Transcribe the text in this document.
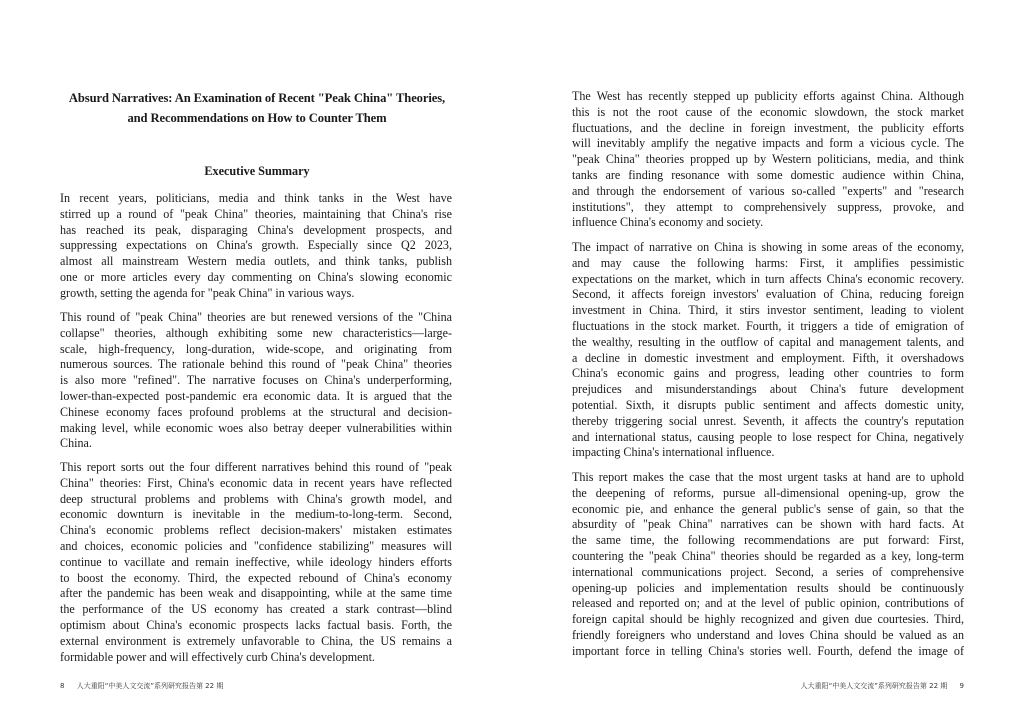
Absurd Narratives: An Examination of Recent "Peak China" Theories,
and Recommendations on How to Counter Them
Executive Summary
In recent years, politicians, media and think tanks in the West have
stirred up a round of "peak China" theories, maintaining that China's rise
has reached its peak, disparaging China's development prospects, and
suppressing expectations on China's growth. Especially since Q2 2023,
almost all mainstream Western media outlets, and think tanks, publish
one or more articles every day commenting on China's slowing economic
growth, setting the agenda for "peak China" in various ways.
This round of "peak China" theories are but renewed versions of the "China
collapse" theories, although exhibiting some new characteristics—large-
scale, high-frequency, long-duration, wide-scope, and originating from
numerous sources. The rationale behind this round of "peak China" theories
is also more "refined". The narrative focuses on China's underperforming,
lower-than-expected post-pandemic era economic data. It is argued that the
Chinese economy faces profound problems at the structural and decision-
making level, while economic woes also betray deeper vulnerabilities within
China.
This report sorts out the four different narratives behind this round of "peak
China" theories: First, China's economic data in recent years have reflected
deep structural problems and problems with China's growth model, and
economic downturn is inevitable in the medium-to-long-term. Second,
China's economic problems reflect decision-makers' mistaken estimates
and choices, economic policies and "confidence stabilizing" measures will
continue to vacillate and remain ineffective, while ideology hinders efforts
to boost the economy. Third, the expected rebound of China's economy
after the pandemic has been weak and disappointing, while at the same time
the performance of the US economy has created a stark contrast—blind
optimism about China's economic prospects lacks factual basis. Forth, the
external environment is extremely unfavorable to China, the US remains a
formidable power and will effectively curb China's development.
8 人大重阳“中美人文交流”系列研究报告第 22 期
The West has recently stepped up publicity efforts against China. Although
this is not the root cause of the economic slowdown, the stock market
fluctuations, and the decline in foreign investment, the publicity efforts
will inevitably amplify the negative impacts and form a vicious cycle. The
"peak China" theories propped up by Western politicians, media, and think
tanks are finding resonance with some domestic audience within China,
and through the endorsement of various so-called "experts" and "research
institutions", they attempt to comprehensively suppress, provoke, and
influence China's economy and society.
The impact of narrative on China is showing in some areas of the economy,
and may cause the following harms: First, it amplifies pessimistic
expectations on the market, which in turn affects China's economic recovery.
Second, it affects foreign investors' evaluation of China, reducing foreign
investment in China. Third, it stirs investor sentiment, leading to violent
fluctuations in the stock market. Fourth, it triggers a tide of emigration of
the wealthy, resulting in the outflow of capital and management talents, and
a decline in domestic investment and employment. Fifth, it overshadows
China's economic gains and progress, leading other countries to form
prejudices and misunderstandings about China's future development
potential. Sixth, it disrupts public sentiment and affects domestic unity,
thereby triggering social unrest. Seventh, it affects the country's reputation
and international status, causing people to lose respect for China, negatively
impacting China's international influence.
This report makes the case that the most urgent tasks at hand are to uphold
the deepening of reforms, pursue all-dimensional opening-up, grow the
economic pie, and enhance the general public's sense of gain, so that the
absurdity of "peak China" narratives can be shown with hard facts. At
the same time, the following recommendations are put forward: First,
countering the "peak China" theories should be regarded as a key, long-term
international communications project. Second, a series of comprehensive
opening-up policies and implementation results should be continuously
released and reported on; and at the level of public opinion, contributions of
foreign capital should be highly recognized and given due courtesies. Third,
friendly foreigners who understand and loves China should be valued as an
important force in telling China's stories well. Fourth, defend the image of
人大重阳“中美人文交流”系列研究报告第 22 期 9
